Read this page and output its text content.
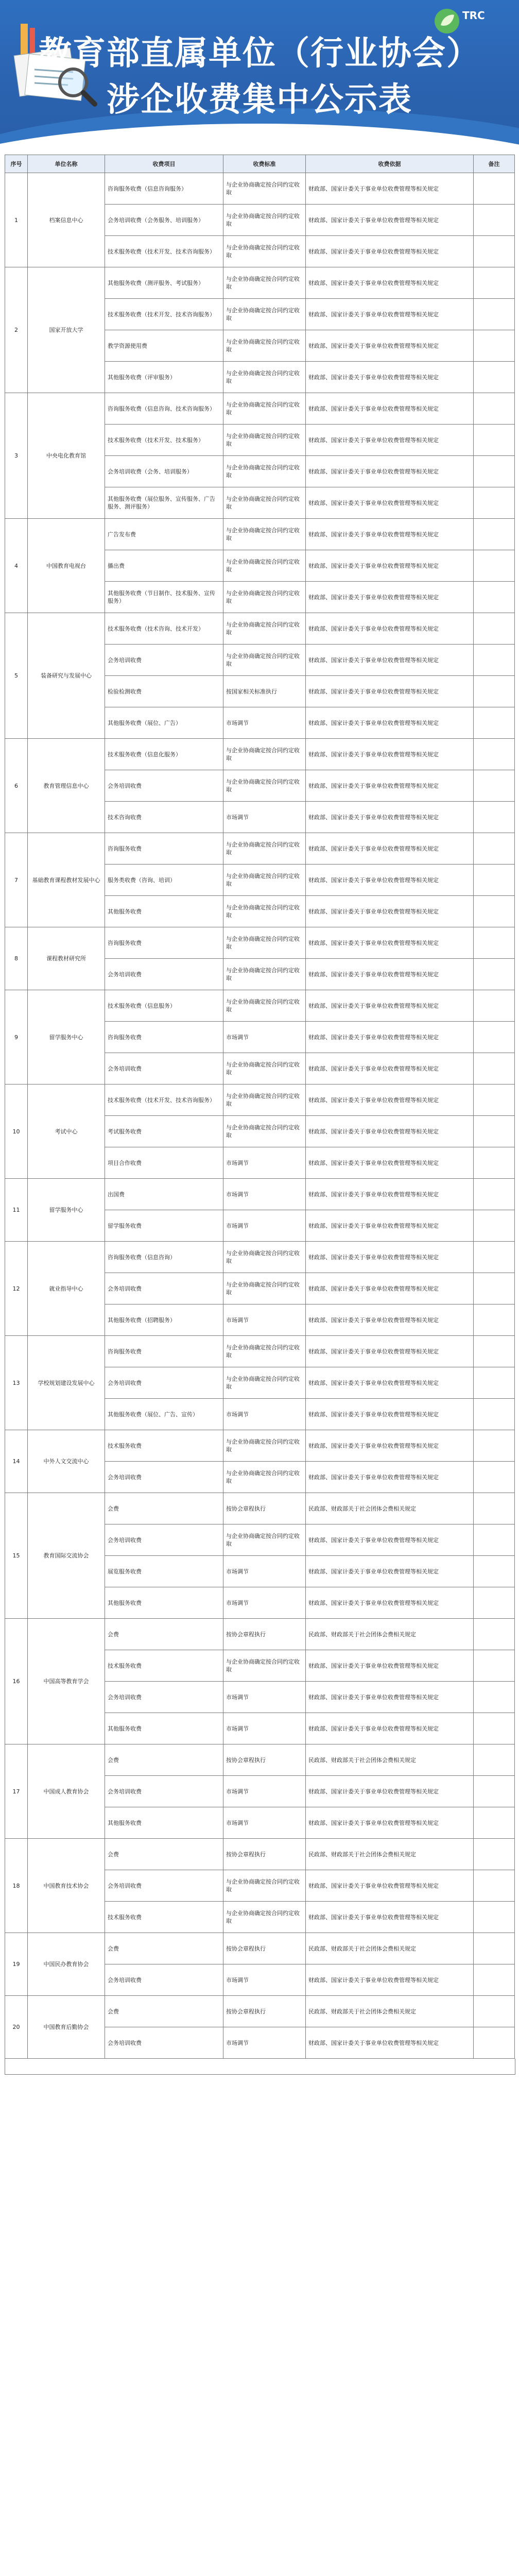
TRC
教育部直属单位（行业协会）
涉企收费集中公示表
序号	单位名称	收费项目	收费标准	收费依据	备注
1	档案信息中心	咨询服务收费（信息咨询服务）	与企业协商确定按合同约定收取	财政部、国家计委关于事业单位收费管理等相关规定	
		会务培训收费（会务服务、培训服务）	与企业协商确定按合同约定收取	财政部、国家计委关于事业单位收费管理等相关规定	
		技术服务收费（技术开发、技术咨询服务）	与企业协商确定按合同约定收取	财政部、国家计委关于事业单位收费管理等相关规定	
2	国家开放大学	其他服务收费（测评服务、考试服务）	与企业协商确定按合同约定收取	财政部、国家计委关于事业单位收费管理等相关规定	
		技术服务收费（技术开发、技术咨询服务）	与企业协商确定按合同约定收取	财政部、国家计委关于事业单位收费管理等相关规定	
		教学资源使用费	与企业协商确定按合同约定收取	财政部、国家计委关于事业单位收费管理等相关规定	
		其他服务收费（评审服务）	与企业协商确定按合同约定收取	财政部、国家计委关于事业单位收费管理等相关规定	
3	中央电化教育馆	咨询服务收费（信息咨询、技术咨询服务）	与企业协商确定按合同约定收取	财政部、国家计委关于事业单位收费管理等相关规定	
		技术服务收费（技术开发、技术服务）	与企业协商确定按合同约定收取	财政部、国家计委关于事业单位收费管理等相关规定	
		会务培训收费（会务、培训服务）	与企业协商确定按合同约定收取	财政部、国家计委关于事业单位收费管理等相关规定	
		其他服务收费（展位服务、宣传服务、广告服务、测评服务）	与企业协商确定按合同约定收取	财政部、国家计委关于事业单位收费管理等相关规定	
4	中国教育电视台	广告发布费	与企业协商确定按合同约定收取	财政部、国家计委关于事业单位收费管理等相关规定	
		播出费	与企业协商确定按合同约定收取	财政部、国家计委关于事业单位收费管理等相关规定	
		其他服务收费（节目制作、技术服务、宣传服务）	与企业协商确定按合同约定收取	财政部、国家计委关于事业单位收费管理等相关规定	
5	装备研究与发展中心	技术服务收费（技术咨询、技术开发）	与企业协商确定按合同约定收取	财政部、国家计委关于事业单位收费管理等相关规定	
		会务培训收费	与企业协商确定按合同约定收取	财政部、国家计委关于事业单位收费管理等相关规定	
		检验检测收费	按国家相关标准执行	财政部、国家计委关于事业单位收费管理等相关规定	
		其他服务收费（展位、广告）	市场调节	财政部、国家计委关于事业单位收费管理等相关规定	
6	教育管理信息中心	技术服务收费（信息化服务）	与企业协商确定按合同约定收取	财政部、国家计委关于事业单位收费管理等相关规定	
		会务培训收费	与企业协商确定按合同约定收取	财政部、国家计委关于事业单位收费管理等相关规定	
		技术咨询收费	市场调节	财政部、国家计委关于事业单位收费管理等相关规定	
7	基础教育课程教材发展中心	咨询服务收费	与企业协商确定按合同约定收取	财政部、国家计委关于事业单位收费管理等相关规定	
		服务类收费（咨询、培训）	与企业协商确定按合同约定收取	财政部、国家计委关于事业单位收费管理等相关规定	
		其他服务收费	与企业协商确定按合同约定收取	财政部、国家计委关于事业单位收费管理等相关规定	
8	课程教材研究所	咨询服务收费	与企业协商确定按合同约定收取	财政部、国家计委关于事业单位收费管理等相关规定	
		会务培训收费	与企业协商确定按合同约定收取	财政部、国家计委关于事业单位收费管理等相关规定	
9	留学服务中心	技术服务收费（信息服务）	与企业协商确定按合同约定收取	财政部、国家计委关于事业单位收费管理等相关规定	
		咨询服务收费	市场调节	财政部、国家计委关于事业单位收费管理等相关规定	
		会务培训收费	与企业协商确定按合同约定收取	财政部、国家计委关于事业单位收费管理等相关规定	
10	考试中心	技术服务收费（技术开发、技术咨询服务）	与企业协商确定按合同约定收取	财政部、国家计委关于事业单位收费管理等相关规定	
		考试服务收费	与企业协商确定按合同约定收取	财政部、国家计委关于事业单位收费管理等相关规定	
		项目合作收费	市场调节	财政部、国家计委关于事业单位收费管理等相关规定	
11	留学服务中心	出国费	市场调节	财政部、国家计委关于事业单位收费管理等相关规定	
		留学服务收费	市场调节	财政部、国家计委关于事业单位收费管理等相关规定	
12	就业指导中心	咨询服务收费（信息咨询）	与企业协商确定按合同约定收取	财政部、国家计委关于事业单位收费管理等相关规定	
		会务培训收费	与企业协商确定按合同约定收取	财政部、国家计委关于事业单位收费管理等相关规定	
		其他服务收费（招聘服务）	市场调节	财政部、国家计委关于事业单位收费管理等相关规定	
13	学校规划建设发展中心	咨询服务收费	与企业协商确定按合同约定收取	财政部、国家计委关于事业单位收费管理等相关规定	
		会务培训收费	与企业协商确定按合同约定收取	财政部、国家计委关于事业单位收费管理等相关规定	
		其他服务收费（展位、广告、宣传）	市场调节	财政部、国家计委关于事业单位收费管理等相关规定	
14	中外人文交流中心	技术服务收费	与企业协商确定按合同约定收取	财政部、国家计委关于事业单位收费管理等相关规定	
		会务培训收费	与企业协商确定按合同约定收取	财政部、国家计委关于事业单位收费管理等相关规定	
15	教育国际交流协会	会费	按协会章程执行	民政部、财政部关于社会团体会费相关规定	
		会务培训收费	与企业协商确定按合同约定收取	财政部、国家计委关于事业单位收费管理等相关规定	
		展览服务收费	市场调节	财政部、国家计委关于事业单位收费管理等相关规定	
		其他服务收费	市场调节	财政部、国家计委关于事业单位收费管理等相关规定	
16	中国高等教育学会	会费	按协会章程执行	民政部、财政部关于社会团体会费相关规定	
		技术服务收费	与企业协商确定按合同约定收取	财政部、国家计委关于事业单位收费管理等相关规定	
		会务培训收费	市场调节	财政部、国家计委关于事业单位收费管理等相关规定	
		其他服务收费	市场调节	财政部、国家计委关于事业单位收费管理等相关规定	
17	中国成人教育协会	会费	按协会章程执行	民政部、财政部关于社会团体会费相关规定	
		会务培训收费	市场调节	财政部、国家计委关于事业单位收费管理等相关规定	
		其他服务收费	市场调节	财政部、国家计委关于事业单位收费管理等相关规定	
18	中国教育技术协会	会费	按协会章程执行	民政部、财政部关于社会团体会费相关规定	
		会务培训收费	与企业协商确定按合同约定收取	财政部、国家计委关于事业单位收费管理等相关规定	
		技术服务收费	与企业协商确定按合同约定收取	财政部、国家计委关于事业单位收费管理等相关规定	
19	中国民办教育协会	会费	按协会章程执行	民政部、财政部关于社会团体会费相关规定	
		会务培训收费	市场调节	财政部、国家计委关于事业单位收费管理等相关规定	
20	中国教育后勤协会	会费	按协会章程执行	民政部、财政部关于社会团体会费相关规定	
		会务培训收费	市场调节	财政部、国家计委关于事业单位收费管理等相关规定	
